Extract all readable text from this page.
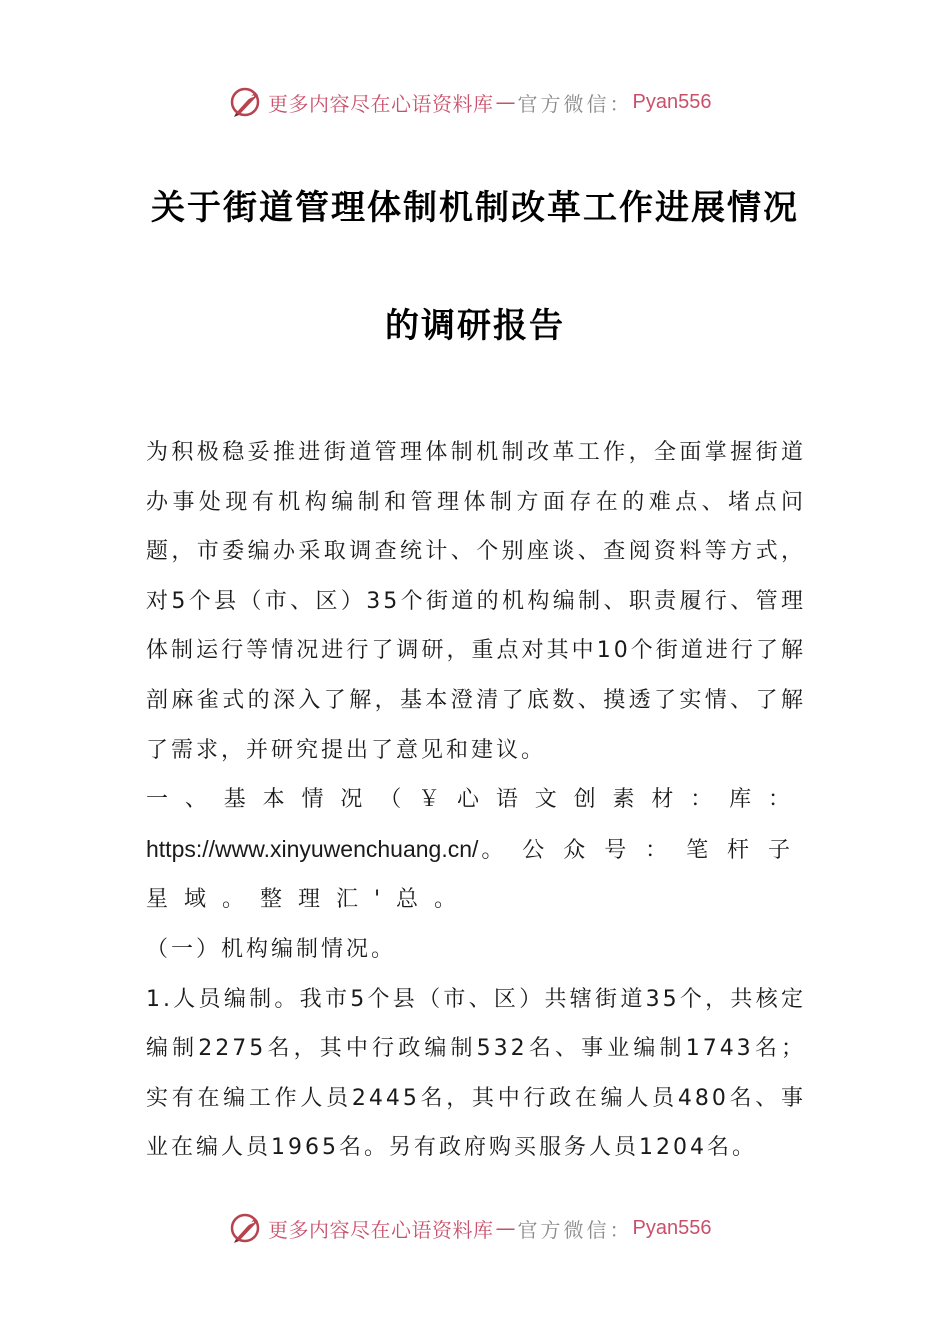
更多内容尽在心语资料库 — 官方微信： Pyan556
关于街道管理体制机制改革工作进展情况
的调研报告

为积极稳妥推进街道管理体制机制改革工作，全面掌握街道办事处现有机构编制和管理体制方面存在的难点、堵点问题，市委编办采取调查统计、个别座谈、查阅资料等方式，对5个县（市、区）35个街道的机构编制、职责履行、管理体制运行等情况进行了调研，重点对其中10个街道进行了解剖麻雀式的深入了解，基本澄清了底数、摸透了实情、了解了需求，并研究提出了意见和建议。

一、基本情况（￥心语文创素材：库：https://www.xinyuwenchuang.cn/。公众号：笔杆子星域。整理汇'总。

（一）机构编制情况。

1.人员编制。我市5个县（市、区）共辖街道35个，共核定编制2275名，其中行政编制532名、事业编制1743名；实有在编工作人员2445名，其中行政在编人员480名、事业在编人员1965名。另有政府购买服务人员1204名。

更多内容尽在心语资料库 — 官方微信： Pyan556
